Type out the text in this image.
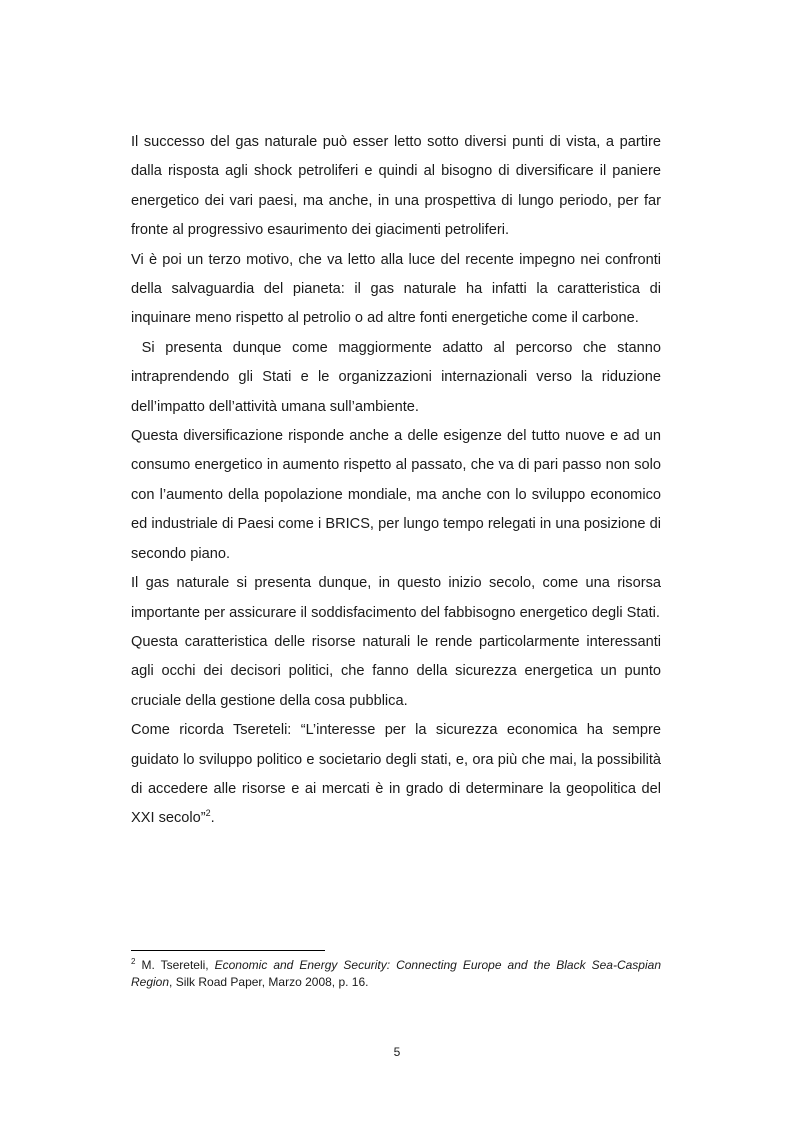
Il successo del gas naturale può esser letto sotto diversi punti di vista, a partire dalla risposta agli shock petroliferi e quindi al bisogno di diversificare il paniere energetico dei vari paesi, ma anche, in una prospettiva di lungo periodo, per far fronte al progressivo esaurimento dei giacimenti petroliferi.

Vi è poi un terzo motivo, che va letto alla luce del recente impegno nei confronti della salvaguardia del pianeta: il gas naturale ha infatti la caratteristica di inquinare meno rispetto al petrolio o ad altre fonti energetiche come il carbone.

Si presenta dunque come maggiormente adatto al percorso che stanno intraprendendo gli Stati e le organizzazioni internazionali verso la riduzione dell’impatto dell’attività umana sull’ambiente.

Questa diversificazione risponde anche a delle esigenze del tutto nuove e ad un consumo energetico in aumento rispetto al passato, che va di pari passo non solo con l’aumento della popolazione mondiale, ma anche con lo sviluppo economico ed industriale di Paesi come i BRICS, per lungo tempo relegati in una posizione di secondo piano.

Il gas naturale si presenta dunque, in questo inizio secolo, come una risorsa importante per assicurare il soddisfacimento del fabbisogno energetico degli Stati.

Questa caratteristica delle risorse naturali le rende particolarmente interessanti agli occhi dei decisori politici, che fanno della sicurezza energetica un punto cruciale della gestione della cosa pubblica.

Come ricorda Tsereteli: “L’interesse per la sicurezza economica ha sempre guidato lo sviluppo politico e societario degli stati, e, ora più che mai, la possibilità di accedere alle risorse e ai mercati è in grado di determinare la geopolitica del XXI secolo”$^2$.

$^2$ M. Tsereteli, Economic and Energy Security: Connecting Europe and the Black Sea-Caspian Region, Silk Road Paper, Marzo 2008, p. 16.
5
